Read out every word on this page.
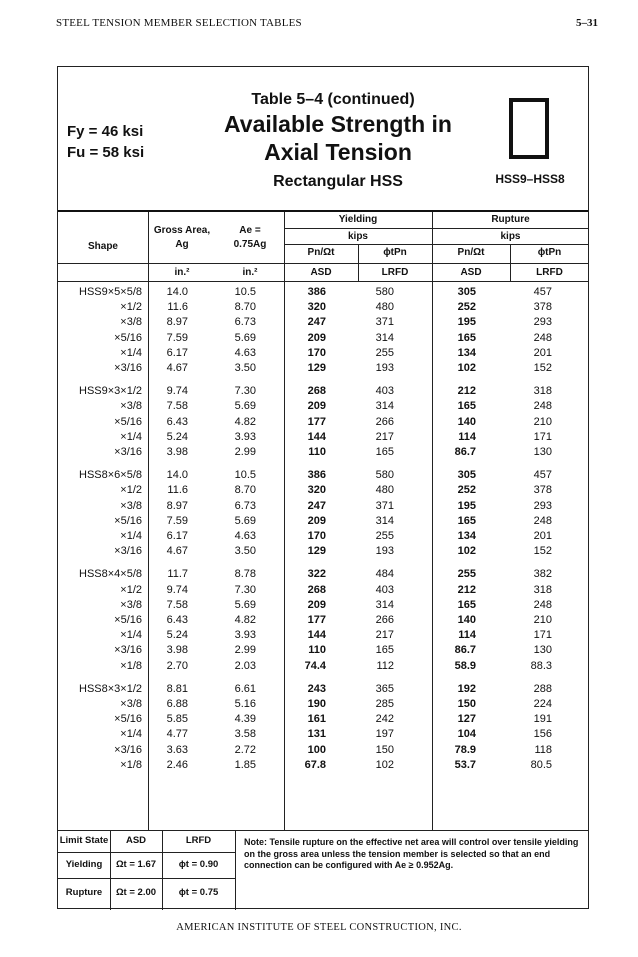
STEEL TENSION MEMBER SELECTION TABLES	5–31
Fy = 46 ksi
Fu = 58 ksi
Table 5–4 (continued)
Available Strength in
Axial Tension
Rectangular HSS	HSS9–HSS8
Shape
Gross Area,
Ag
Ae =
0.75Ag
Yielding	Rupture
kips	kips
Pn/Ωt	ϕtPn	Pn/Ωt	ϕtPn
in.²	in.²	ASD	LRFD	ASD	LRFD
HSS9×5×5/8	14.0	10.5	386	580	305	457
×1/2	11.6	8.70	320	480	252	378
×3/8	8.97	6.73	247	371	195	293
×5/16	7.59	5.69	209	314	165	248
×1/4	6.17	4.63	170	255	134	201
×3/16	4.67	3.50	129	193	102	152
HSS9×3×1/2	9.74	7.30	268	403	212	318
×3/8	7.58	5.69	209	314	165	248
×5/16	6.43	4.82	177	266	140	210
×1/4	5.24	3.93	144	217	114	171
×3/16	3.98	2.99	110	165	86.7	130
HSS8×6×5/8	14.0	10.5	386	580	305	457
×1/2	11.6	8.70	320	480	252	378
×3/8	8.97	6.73	247	371	195	293
×5/16	7.59	5.69	209	314	165	248
×1/4	6.17	4.63	170	255	134	201
×3/16	4.67	3.50	129	193	102	152
HSS8×4×5/8	11.7	8.78	322	484	255	382
×1/2	9.74	7.30	268	403	212	318
×3/8	7.58	5.69	209	314	165	248
×5/16	6.43	4.82	177	266	140	210
×1/4	5.24	3.93	144	217	114	171
×3/16	3.98	2.99	110	165	86.7	130
×1/8	2.70	2.03	74.4	112	58.9	88.3
HSS8×3×1/2	8.81	6.61	243	365	192	288
×3/8	6.88	5.16	190	285	150	224
×5/16	5.85	4.39	161	242	127	191
×1/4	4.77	3.58	131	197	104	156
×3/16	3.63	2.72	100	150	78.9	118
×1/8	2.46	1.85	67.8	102	53.7	80.5
Limit State	ASD	LRFD
Yielding	Ωt = 1.67	ϕt = 0.90
Rupture	Ωt = 2.00	ϕt = 0.75
Note: Tensile rupture on the effective net area will control over tensile yielding on the gross area unless the tension member is selected so that an end connection can be configured with Ae ≥ 0.952Ag.
AMERICAN INSTITUTE OF STEEL CONSTRUCTION, INC.
